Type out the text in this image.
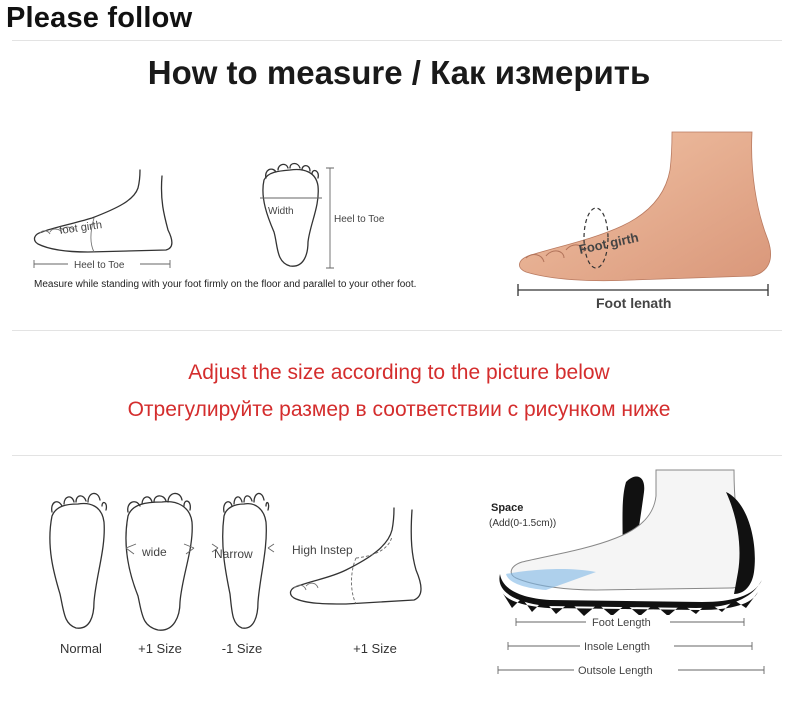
Please follow
How to measure / Как измерить
foot girth
Heel to Toe
Width
Heel to Toe
Measure while standing with your foot firmly on the floor and parallel to your other foot.
Foot girth
Foot lenath
Adjust the size according to the picture below
Отрегулируйте размер в соответствии с рисунком ниже
Normal
wide
+1 Size
Narrow
-1 Size
High Instep
+1 Size
Space
(Add(0-1.5cm))
Foot Length
Insole Length
Outsole Length
